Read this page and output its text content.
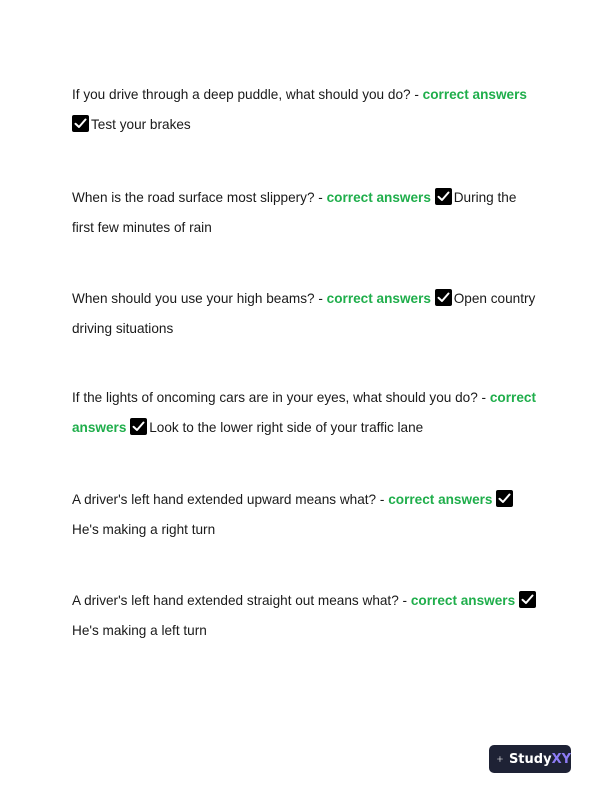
If you drive through a deep puddle, what should you do? - correct answers
Test your brakes
When is the road surface most slippery? - correct answers During the first few minutes of rain
When should you use your high beams? - correct answers Open country driving situations
If the lights of oncoming cars are in your eyes, what should you do? - correct answers Look to the lower right side of your traffic lane
A driver's left hand extended upward means what? - correct answers
He's making a right turn
A driver's left hand extended straight out means what? - correct answers
He's making a left turn
StudyXY
